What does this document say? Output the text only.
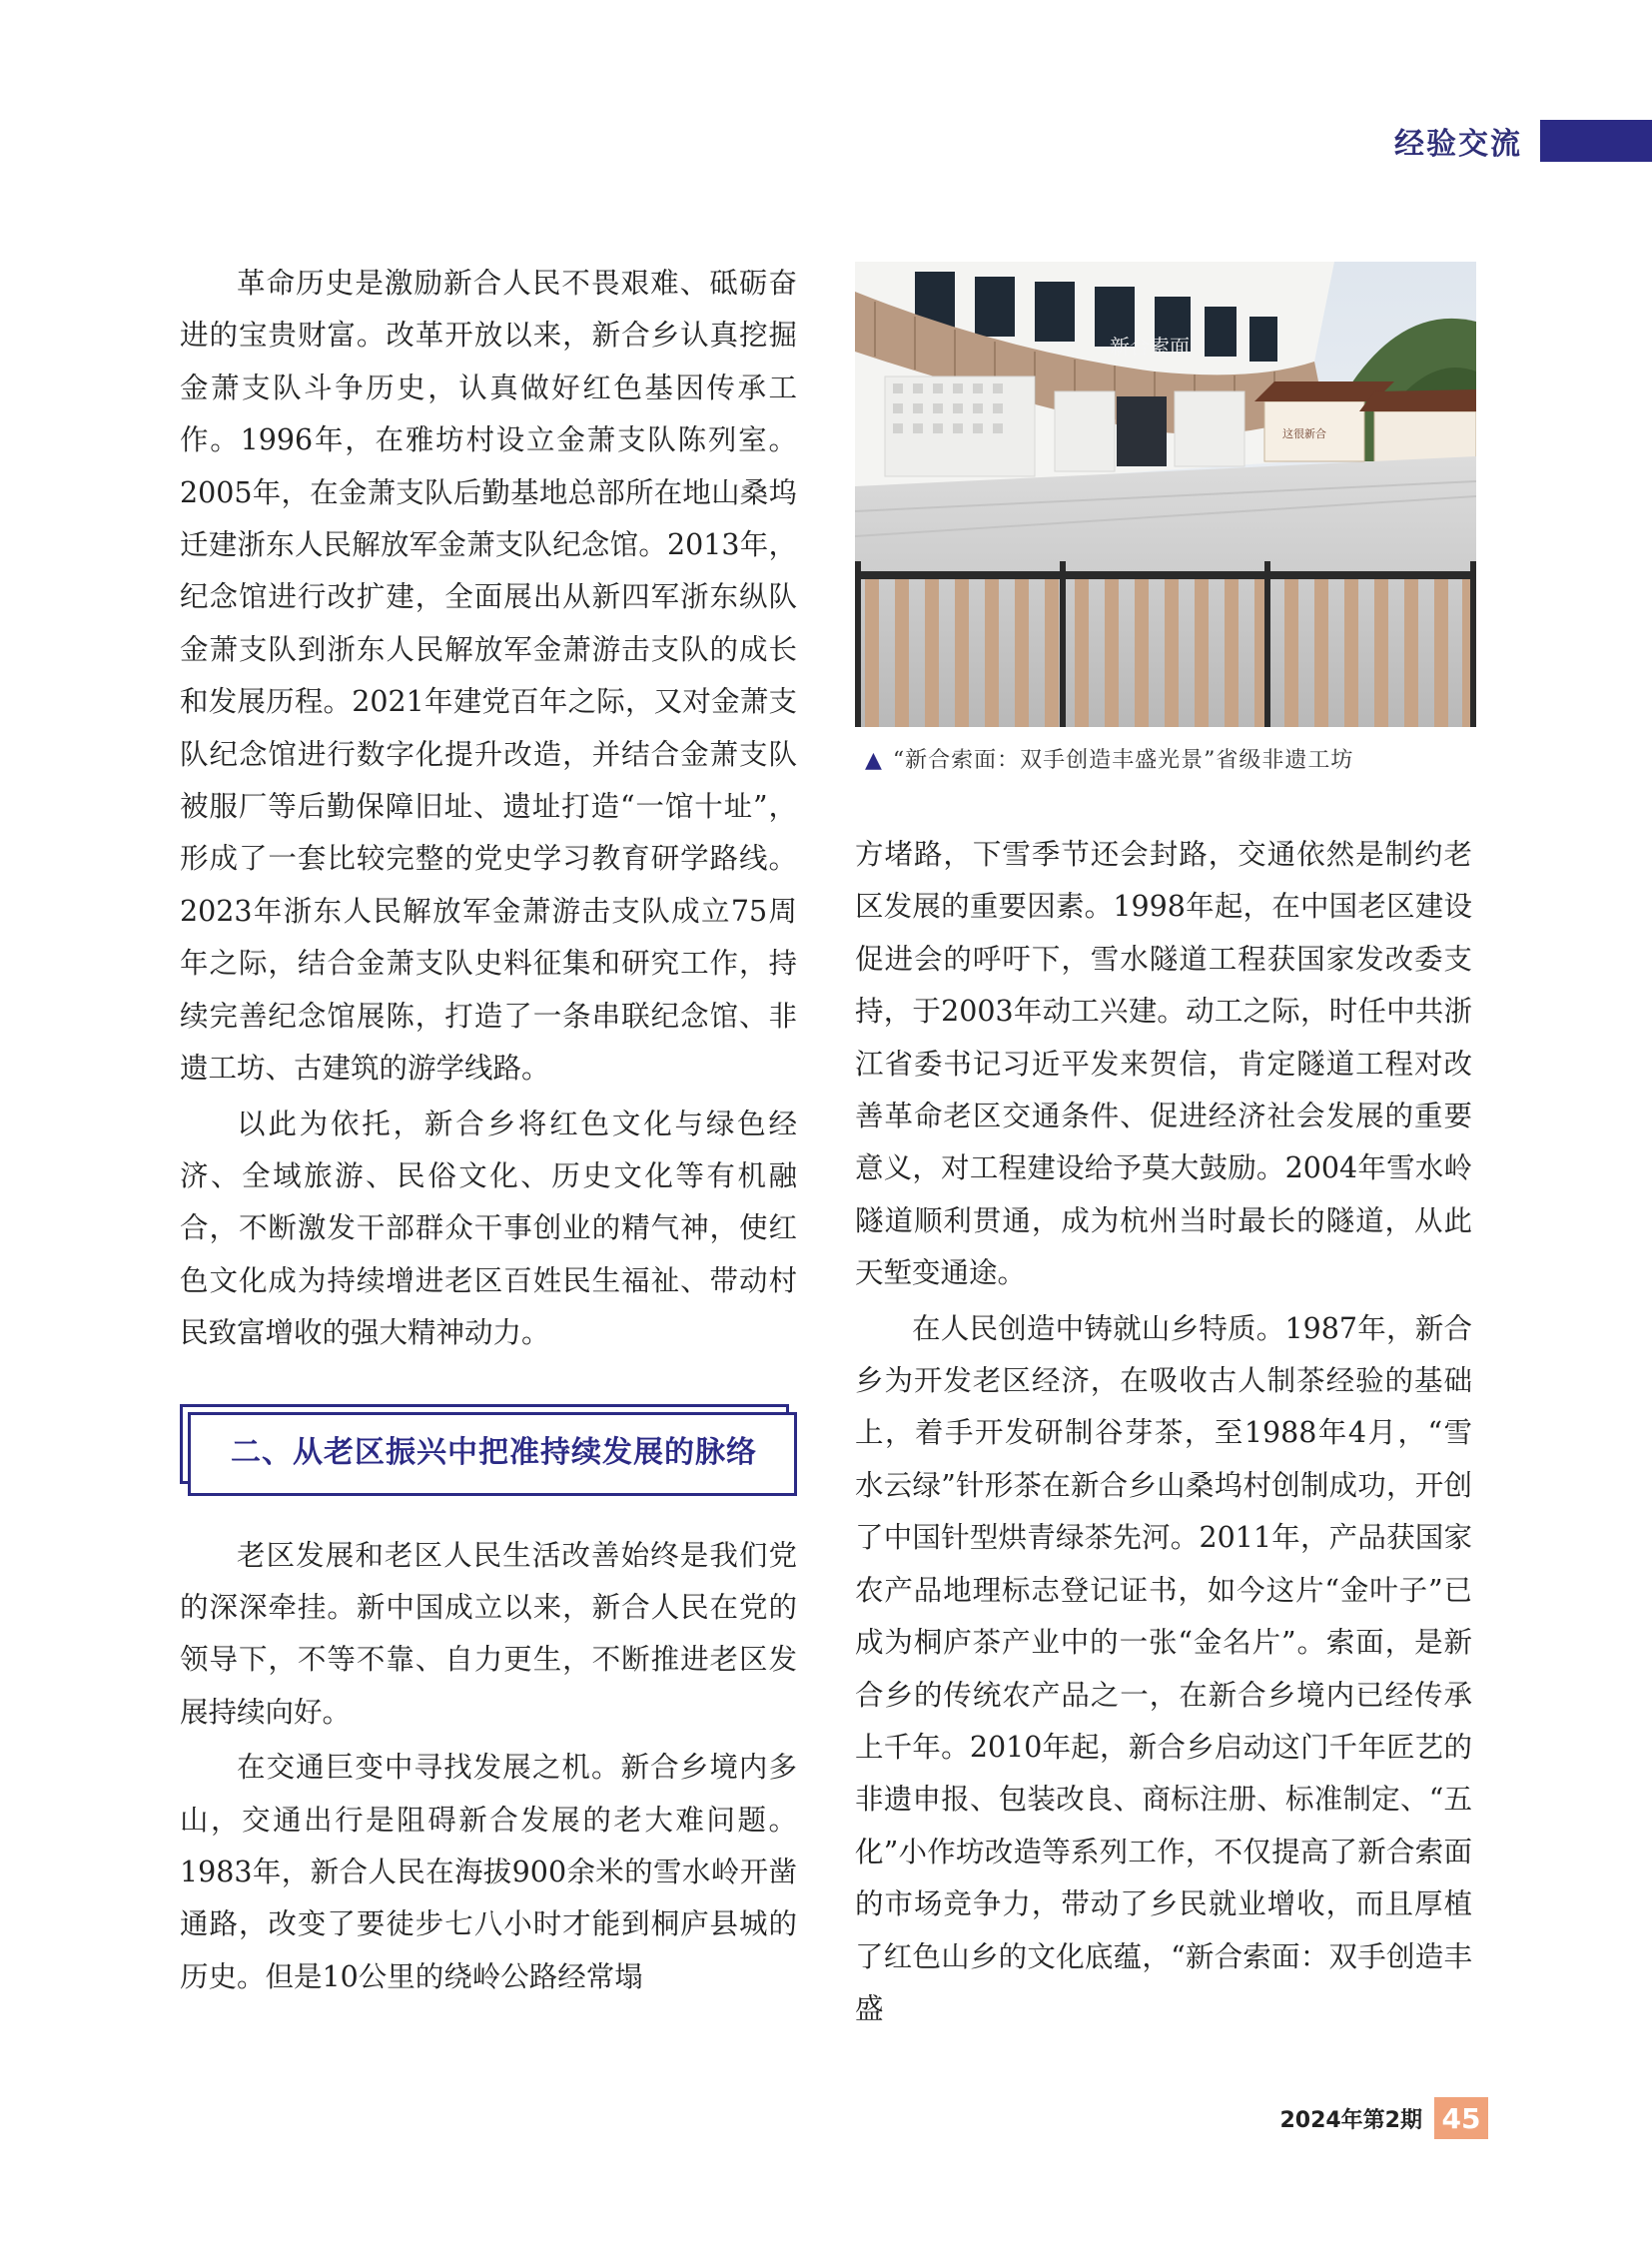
经验交流

革命历史是激励新合人民不畏艰难、砥砺奋进的宝贵财富。改革开放以来，新合乡认真挖掘金萧支队斗争历史，认真做好红色基因传承工作。1996年，在雅坊村设立金萧支队陈列室。2005年，在金萧支队后勤基地总部所在地山桑坞迁建浙东人民解放军金萧支队纪念馆。2013年，纪念馆进行改扩建，全面展出从新四军浙东纵队金萧支队到浙东人民解放军金萧游击支队的成长和发展历程。2021年建党百年之际，又对金萧支队纪念馆进行数字化提升改造，并结合金萧支队被服厂等后勤保障旧址、遗址打造“一馆十址”，形成了一套比较完整的党史学习教育研学路线。2023年浙东人民解放军金萧游击支队成立75周年之际，结合金萧支队史料征集和研究工作，持续完善纪念馆展陈，打造了一条串联纪念馆、非遗工坊、古建筑的游学线路。

以此为依托，新合乡将红色文化与绿色经济、全域旅游、民俗文化、历史文化等有机融合，不断激发干部群众干事创业的精气神，使红色文化成为持续增进老区百姓民生福祉、带动村民致富增收的强大精神动力。

二、从老区振兴中把准持续发展的脉络

老区发展和老区人民生活改善始终是我们党的深深牵挂。新中国成立以来，新合人民在党的领导下，不等不靠、自力更生，不断推进老区发展持续向好。

在交通巨变中寻找发展之机。新合乡境内多山，交通出行是阻碍新合发展的老大难问题。1983年，新合人民在海拔900余米的雪水岭开凿通路，改变了要徒步七八小时才能到桐庐县城的历史。但是10公里的绕岭公路经常塌

新合索面
这很新合
▲ “新合索面：双手创造丰盛光景”省级非遗工坊

方堵路，下雪季节还会封路，交通依然是制约老区发展的重要因素。1998年起，在中国老区建设促进会的呼吁下，雪水隧道工程获国家发改委支持，于2003年动工兴建。动工之际，时任中共浙江省委书记习近平发来贺信，肯定隧道工程对改善革命老区交通条件、促进经济社会发展的重要意义，对工程建设给予莫大鼓励。2004年雪水岭隧道顺利贯通，成为杭州当时最长的隧道，从此天堑变通途。

在人民创造中铸就山乡特质。1987年，新合乡为开发老区经济，在吸收古人制茶经验的基础上，着手开发研制谷芽茶，至1988年4月，“雪水云绿”针形茶在新合乡山桑坞村创制成功，开创了中国针型烘青绿茶先河。2011年，产品获国家农产品地理标志登记证书，如今这片“金叶子”已成为桐庐茶产业中的一张“金名片”。索面，是新合乡的传统农产品之一，在新合乡境内已经传承上千年。2010年起，新合乡启动这门千年匠艺的非遗申报、包装改良、商标注册、标准制定、“五化”小作坊改造等系列工作，不仅提高了新合索面的市场竞争力，带动了乡民就业增收，而且厚植了红色山乡的文化底蕴，“新合索面：双手创造丰盛

2024年第2期 45
